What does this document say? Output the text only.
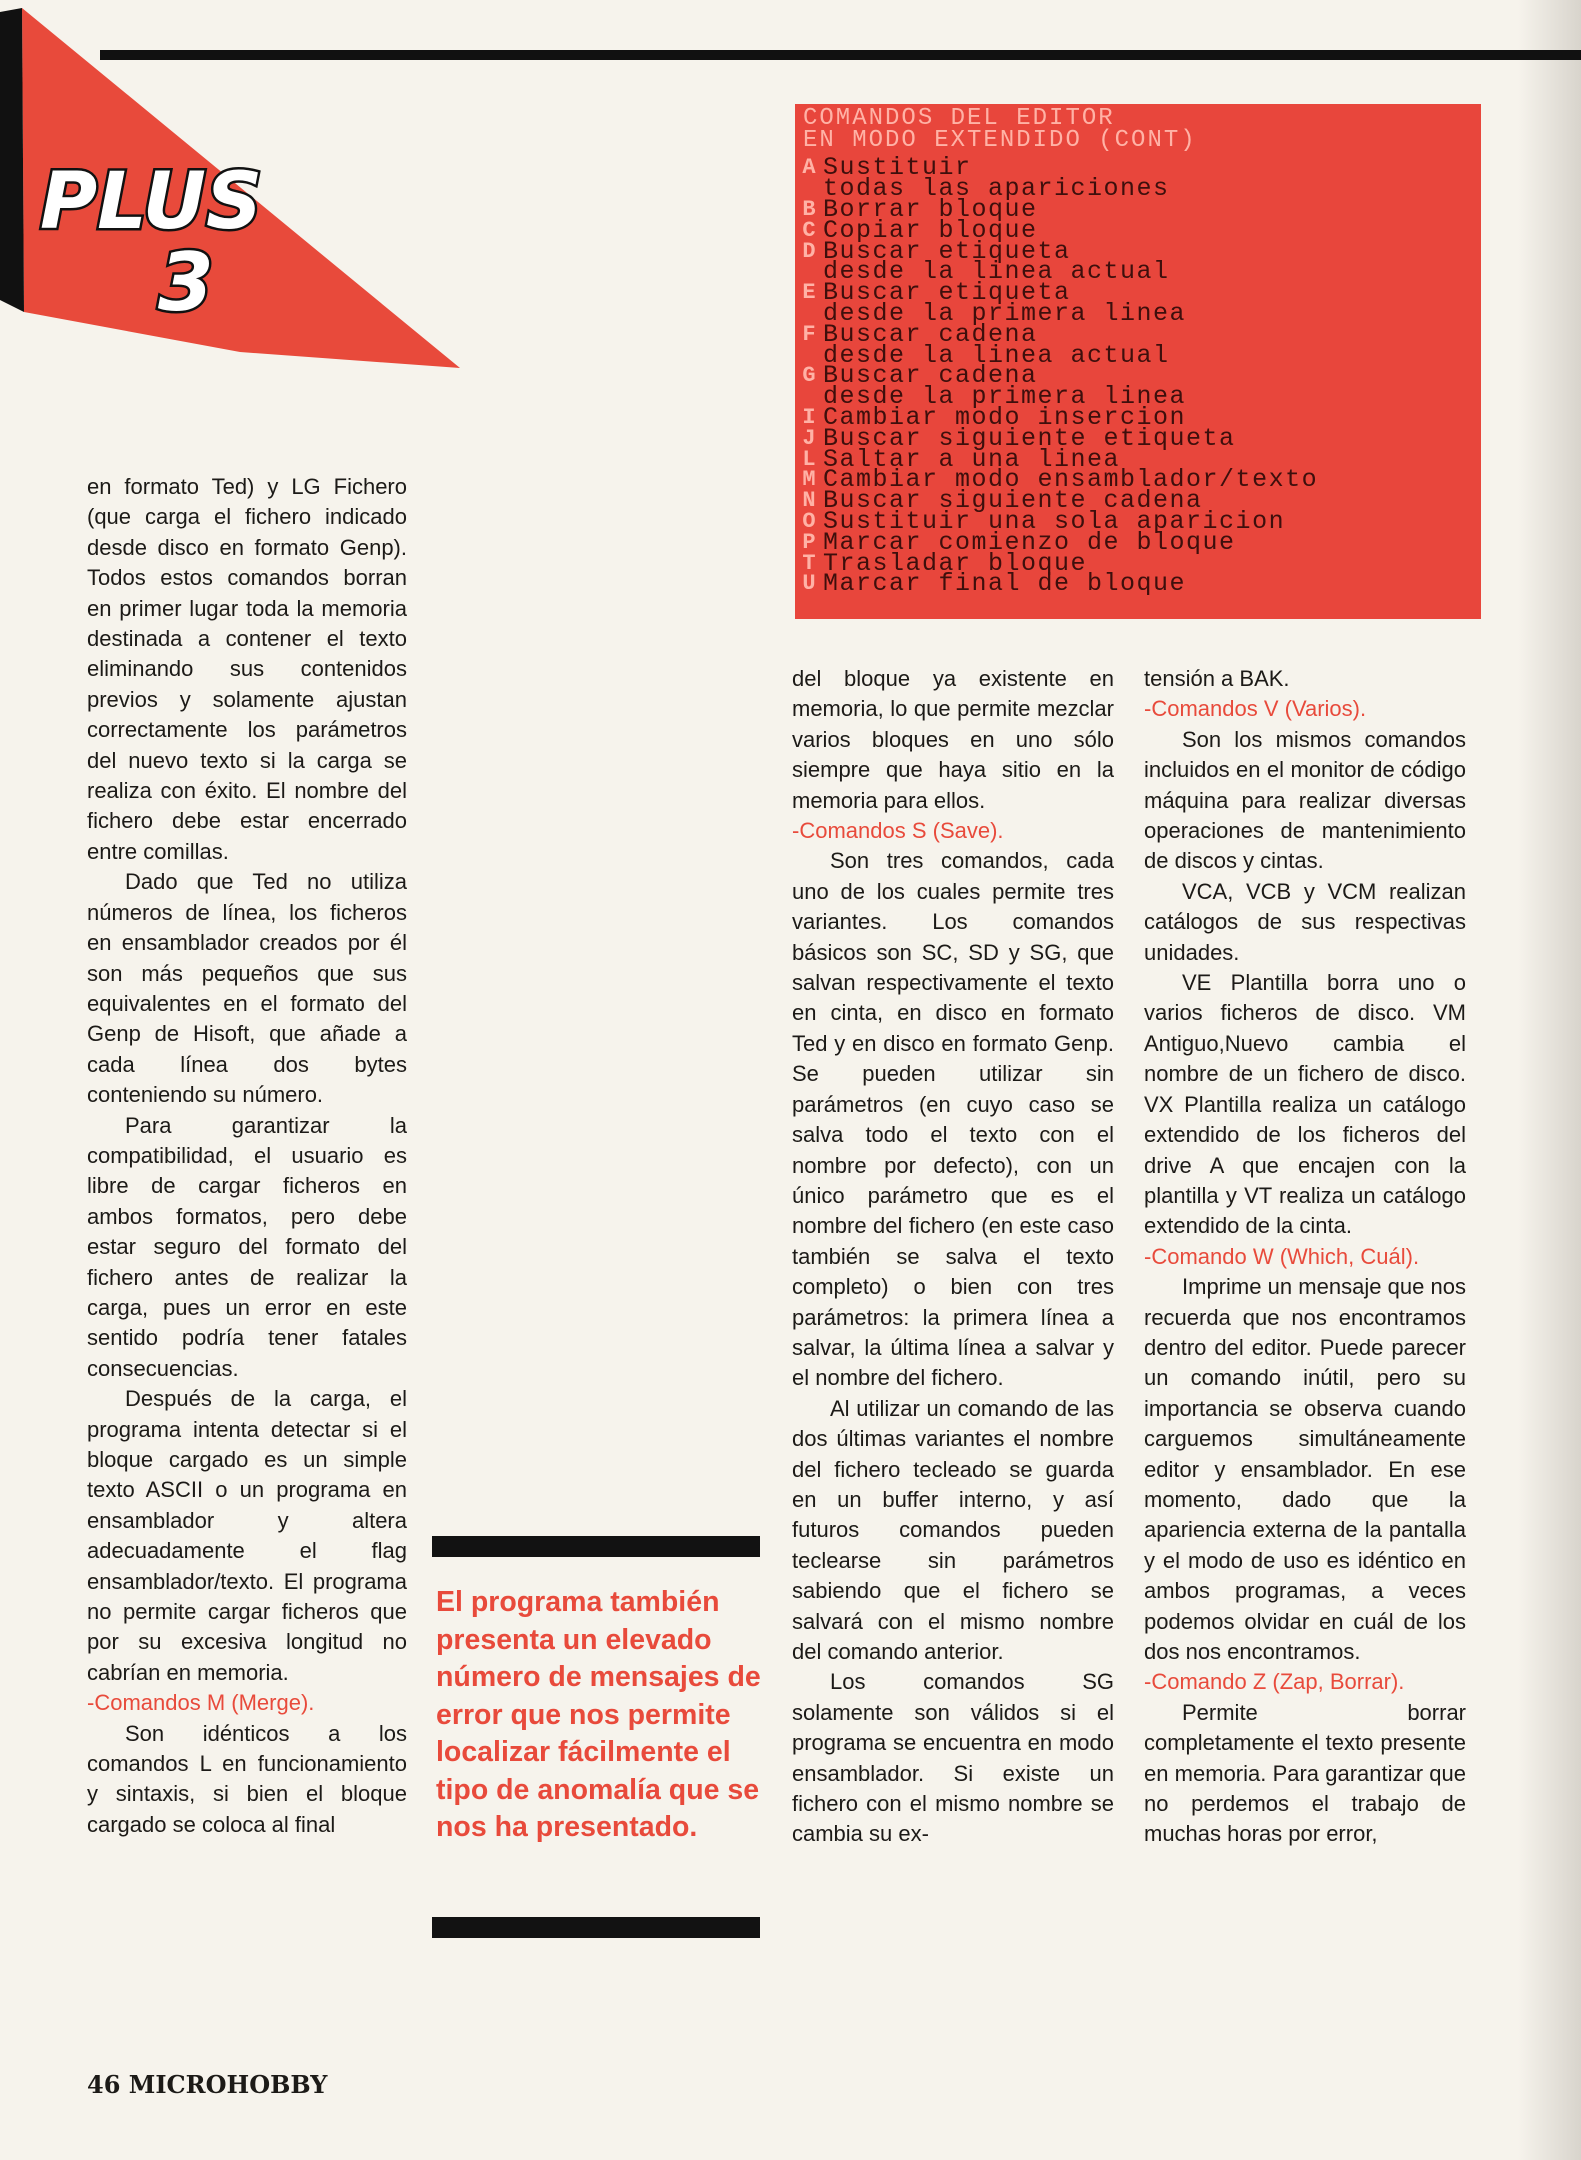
PLUS
3
COMANDOS DEL EDITOR
EN MODO EXTENDIDO (CONT)
A Sustituir
todas las apariciones
B Borrar bloque
C Copiar bloque
D Buscar etiqueta
desde la linea actual
E Buscar etiqueta
desde la primera linea
F Buscar cadena
desde la linea actual
G Buscar cadena
desde la primera linea
I Cambiar modo insercion
J Buscar siguiente etiqueta
L Saltar a una linea
M Cambiar modo ensamblador/texto
N Buscar siguiente cadena
O Sustituir una sola aparicion
P Marcar comienzo de bloque
T Trasladar bloque
U Marcar final de bloque

en formato Ted) y LG Fichero (que carga el fichero indicado desde disco en formato Genp). Todos estos comandos borran en primer lugar toda la memoria destinada a contener el texto eliminando sus contenidos previos y solamente ajustan correctamente los parámetros del nuevo texto si la carga se realiza con éxito. El nombre del fichero debe estar encerrado entre comillas.

Dado que Ted no utiliza números de línea, los ficheros en ensamblador creados por él son más pequeños que sus equivalentes en el formato del Genp de Hisoft, que añade a cada línea dos bytes conteniendo su número.

Para garantizar la compatibilidad, el usuario es libre de cargar ficheros en ambos formatos, pero debe estar seguro del formato del fichero antes de realizar la carga, pues un error en este sentido podría tener fatales consecuencias.

Después de la carga, el programa intenta detectar si el bloque cargado es un simple texto ASCII o un programa en ensamblador y altera adecuadamente el flag ensamblador/texto. El programa no permite cargar ficheros que por su excesiva longitud no cabrían en memoria.

-Comandos M (Merge).

Son idénticos a los comandos L en funcionamiento y sintaxis, si bien el bloque cargado se coloca al final

El programa también presenta un elevado número de mensajes de error que nos permite localizar fácilmente el tipo de anomalía que se nos ha presentado.

del bloque ya existente en memoria, lo que permite mezclar varios bloques en uno sólo siempre que haya sitio en la memoria para ellos.

-Comandos S (Save).

Son tres comandos, cada uno de los cuales permite tres variantes. Los comandos básicos son SC, SD y SG, que salvan respectivamente el texto en cinta, en disco en formato Ted y en disco en formato Genp. Se pueden utilizar sin parámetros (en cuyo caso se salva todo el texto con el nombre por defecto), con un único parámetro que es el nombre del fichero (en este caso también se salva el texto completo) o bien con tres parámetros: la primera línea a salvar, la última línea a salvar y el nombre del fichero.

Al utilizar un comando de las dos últimas variantes el nombre del fichero tecleado se guarda en un buffer interno, y así futuros comandos pueden teclearse sin parámetros sabiendo que el fichero se salvará con el mismo nombre del comando anterior.

Los comandos SG solamente son válidos si el programa se encuentra en modo ensamblador. Si existe un fichero con el mismo nombre se cambia su ex-

tensión a BAK.

-Comandos V (Varios).

Son los mismos comandos incluidos en el monitor de código máquina para realizar diversas operaciones de mantenimiento de discos y cintas.

VCA, VCB y VCM realizan catálogos de sus respectivas unidades.

VE Plantilla borra uno o varios ficheros de disco. VM Antiguo,Nuevo cambia el nombre de un fichero de disco. VX Plantilla realiza un catálogo extendido de los ficheros del drive A que encajen con la plantilla y VT realiza un catálogo extendido de la cinta.

-Comando W (Which, Cuál).

Imprime un mensaje que nos recuerda que nos encontramos dentro del editor. Puede parecer un comando inútil, pero su importancia se observa cuando carguemos simultáneamente editor y ensamblador. En ese momento, dado que la apariencia externa de la pantalla y el modo de uso es idéntico en ambos programas, a veces podemos olvidar en cuál de los dos nos encontramos.

-Comando Z (Zap, Borrar).

Permite borrar completamente el texto presente en memoria. Para garantizar que no perdemos el trabajo de muchas horas por error,

46 MICROHOBBY
